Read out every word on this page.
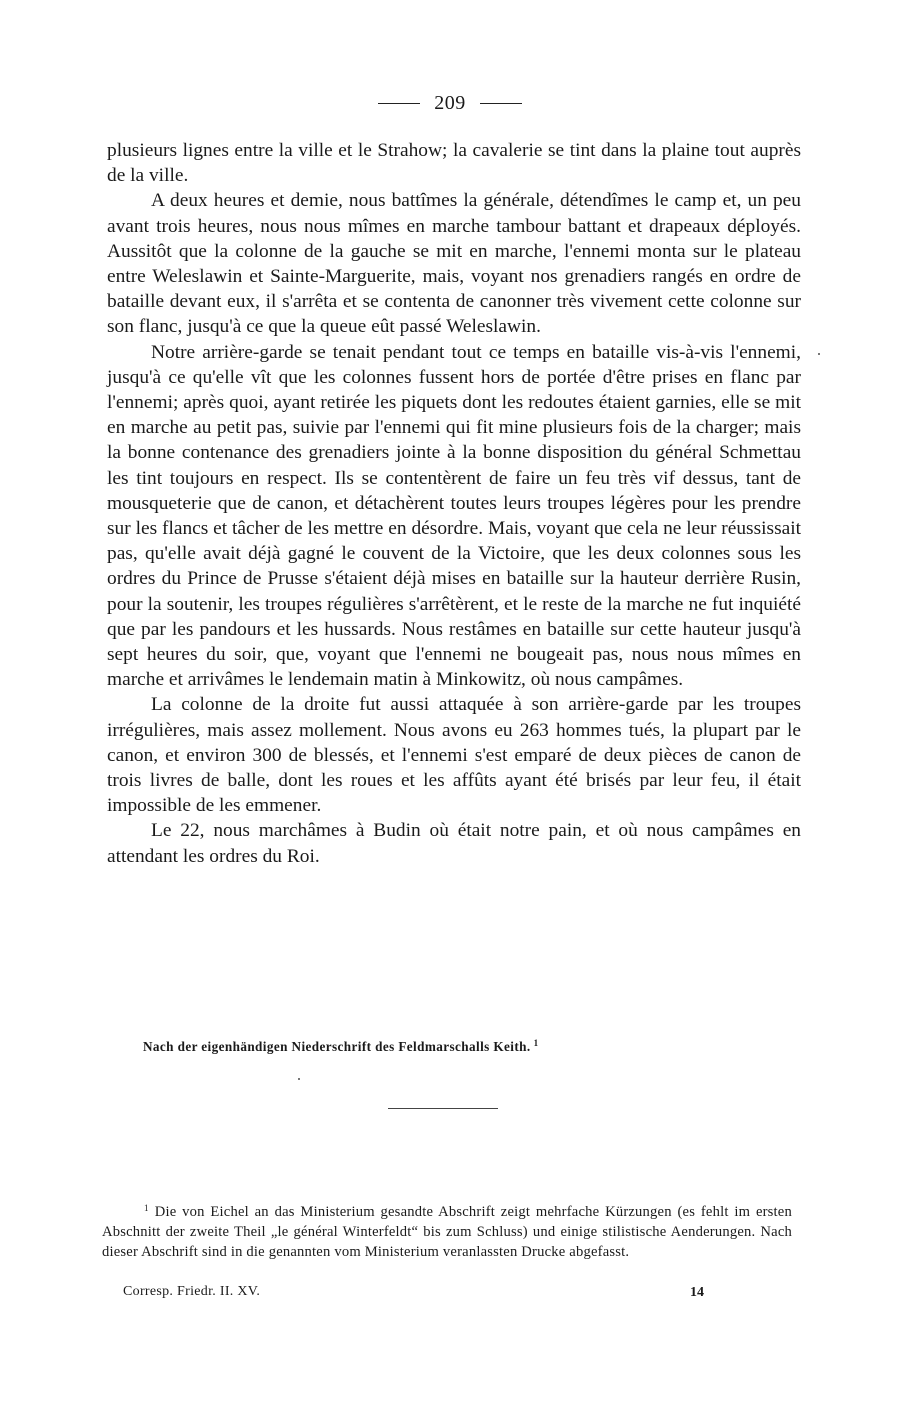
209

plusieurs lignes entre la ville et le Strahow; la cavalerie se tint dans la plaine tout auprès de la ville.

A deux heures et demie, nous battîmes la générale, détendîmes le camp et, un peu avant trois heures, nous nous mîmes en marche tambour battant et drapeaux déployés. Aussitôt que la colonne de la gauche se mit en marche, l'ennemi monta sur le plateau entre Weleslawin et Sainte-Marguerite, mais, voyant nos grenadiers rangés en ordre de bataille devant eux, il s'arrêta et se contenta de canonner très vivement cette colonne sur son flanc, jusqu'à ce que la queue eût passé Weleslawin.

Notre arrière-garde se tenait pendant tout ce temps en bataille vis-à-vis l'ennemi, jusqu'à ce qu'elle vît que les colonnes fussent hors de portée d'être prises en flanc par l'ennemi; après quoi, ayant retirée les piquets dont les redoutes étaient garnies, elle se mit en marche au petit pas, suivie par l'ennemi qui fit mine plusieurs fois de la charger; mais la bonne contenance des grenadiers jointe à la bonne disposition du général Schmettau les tint toujours en respect. Ils se contentèrent de faire un feu très vif dessus, tant de mousqueterie que de canon, et détachèrent toutes leurs troupes légères pour les prendre sur les flancs et tâcher de les mettre en désordre. Mais, voyant que cela ne leur réussissait pas, qu'elle avait déjà gagné le couvent de la Victoire, que les deux colonnes sous les ordres du Prince de Prusse s'étaient déjà mises en bataille sur la hauteur derrière Rusin, pour la soutenir, les troupes régulières s'arrêtèrent, et le reste de la marche ne fut inquiété que par les pandours et les hussards. Nous restâmes en bataille sur cette hauteur jusqu'à sept heures du soir, que, voyant que l'ennemi ne bougeait pas, nous nous mîmes en marche et arrivâmes le lendemain matin à Minkowitz, où nous campâmes.

La colonne de la droite fut aussi attaquée à son arrière-garde par les troupes irrégulières, mais assez mollement. Nous avons eu 263 hommes tués, la plupart par le canon, et environ 300 de blessés, et l'ennemi s'est emparé de deux pièces de canon de trois livres de balle, dont les roues et les affûts ayant été brisés par leur feu, il était impossible de les emmener.

Le 22, nous marchâmes à Budin où était notre pain, et où nous campâmes en attendant les ordres du Roi.

Nach der eigenhändigen Niederschrift des Feldmarschalls Keith. $^1$
$^1$ Die von Eichel an das Ministerium gesandte Abschrift zeigt mehrfache Kürzungen (es fehlt im ersten Abschnitt der zweite Theil „le général Winterfeldt“ bis zum Schluss) und einige stilistische Aenderungen. Nach dieser Abschrift sind in die genannten vom Ministerium veranlassten Drucke abgefasst.
Corresp. Friedr. II. XV.	14
